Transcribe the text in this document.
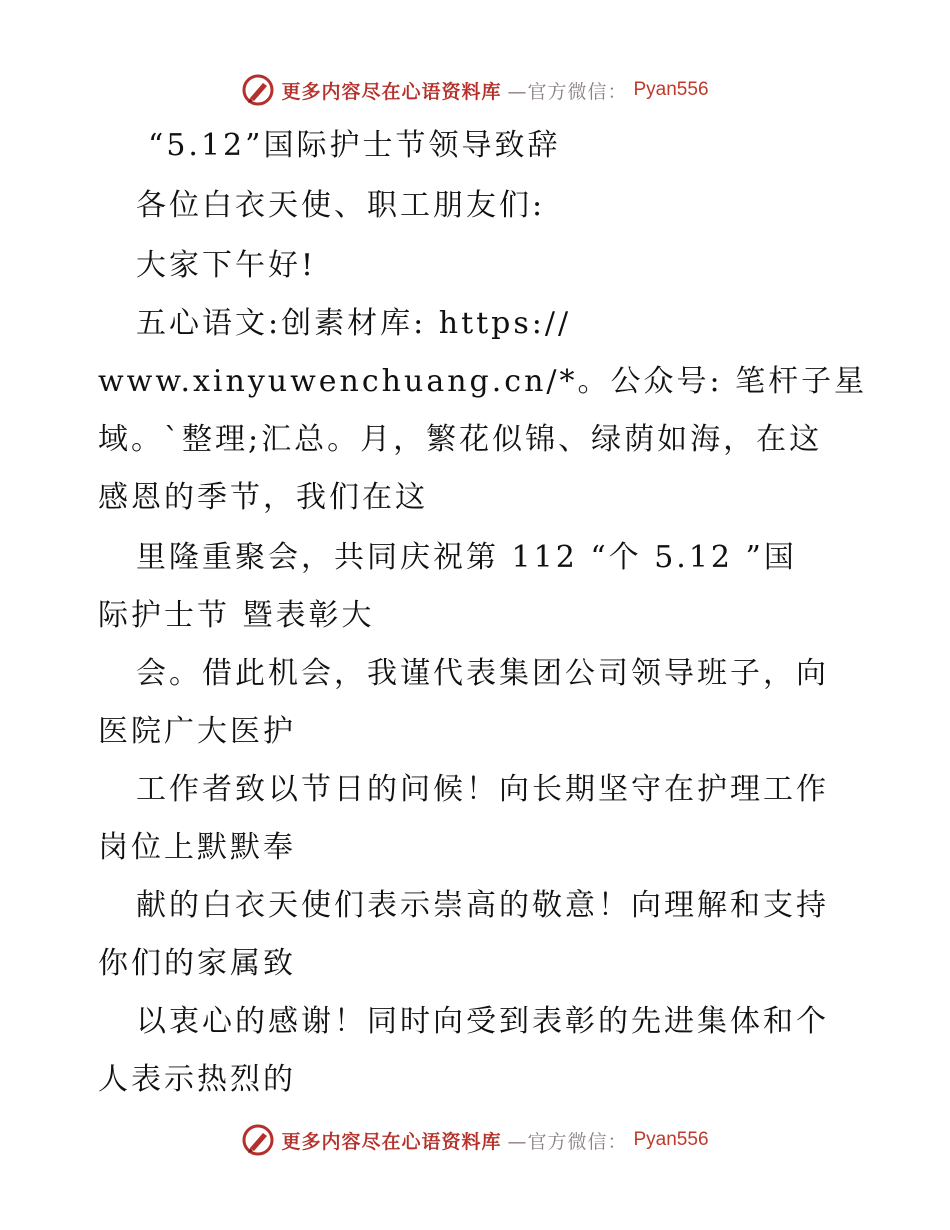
更多内容尽在心语资料库 —官方微信： Pyan556
“5.12”国际护士节领导致辞
各位白衣天使、职工朋友们:
大家下午好!
五心语文:创素材库: https://
www.xinyuwenchuang.cn/*。公众号: 笔杆子星
域。`整理;汇总。月，繁花似锦、绿荫如海，在这
感恩的季节，我们在这
里隆重聚会，共同庆祝第 112 “个 5.12 ”国
际护士节 暨表彰大
会。借此机会，我谨代表集团公司领导班子，向
医院广大医护
工作者致以节日的问候！向长期坚守在护理工作
岗位上默默奉
献的白衣天使们表示崇高的敬意！向理解和支持
你们的家属致
以衷心的感谢！同时向受到表彰的先进集体和个
人表示热烈的
更多内容尽在心语资料库 —官方微信： Pyan556
